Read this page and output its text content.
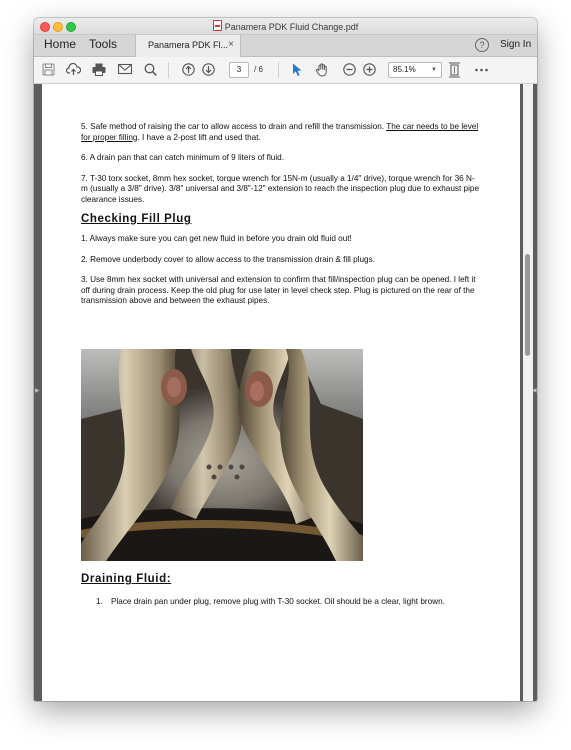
Panamera PDK Fluid Change.pdf
Home Tools	Panamera PDK Fl... ×	?	Sign In
3	/ 6	85.1%	▼
▶

5. Safe method of raising the car to allow access to drain and refill the transmission. The car needs to be level for proper filling. I have a 2-post lift and used that.

6. A drain pan that can catch minimum of 9 liters of fluid.

7. T-30 torx socket, 8mm hex socket, torque wrench for 15N-m (usually a 1/4" drive), torque wrench for 36 N-m (usually a 3/8" drive). 3/8" universal and 3/8"-12" extension to reach the inspection plug due to exhaust pipe clearance issues.

Checking Fill Plug

1. Always make sure you can get new fluid in before you drain old fluid out!

2. Remove underbody cover to allow access to the transmission drain & fill plugs.

3. Use 8mm hex socket with universal and extension to confirm that fill/inspection plug can be opened. I left it off during drain process. Keep the old plug for use later in level check step. Plug is pictured on the rear of the transmission above and between the exhaust pipes.

Draining Fluid:

1. Place drain pan under plug, remove plug with T-30 socket. Oil should be a clear, light brown.
◀
